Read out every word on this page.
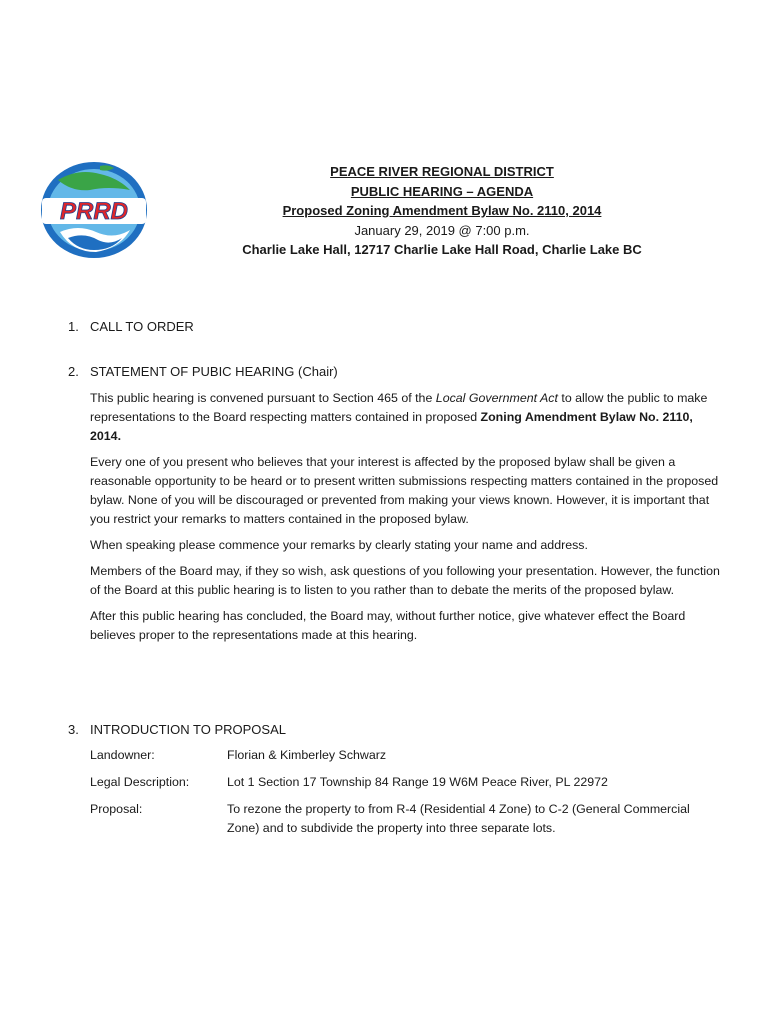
PRRD
PEACE RIVER REGIONAL DISTRICT
PUBLIC HEARING – AGENDA
Proposed Zoning Amendment Bylaw No. 2110, 2014
January 29, 2019 @ 7:00 p.m.
Charlie Lake Hall, 12717 Charlie Lake Hall Road, Charlie Lake BC
1. CALL TO ORDER
2. STATEMENT OF PUBIC HEARING (Chair)

This public hearing is convened pursuant to Section 465 of the Local Government Act to allow the public to make representations to the Board respecting matters contained in proposed Zoning Amendment Bylaw No. 2110, 2014.

Every one of you present who believes that your interest is affected by the proposed bylaw shall be given a reasonable opportunity to be heard or to present written submissions respecting matters contained in the proposed bylaw. None of you will be discouraged or prevented from making your views known. However, it is important that you restrict your remarks to matters contained in the proposed bylaw.

When speaking please commence your remarks by clearly stating your name and address.

Members of the Board may, if they so wish, ask questions of you following your presentation. However, the function of the Board at this public hearing is to listen to you rather than to debate the merits of the proposed bylaw.

After this public hearing has concluded, the Board may, without further notice, give whatever effect the Board believes proper to the representations made at this hearing.

3. INTRODUCTION TO PROPOSAL
Landowner:	Florian & Kimberley Schwarz
Legal Description:	Lot 1 Section 17 Township 84 Range 19 W6M Peace River, PL 22972
Proposal:	To rezone the property to from R-4 (Residential 4 Zone) to C-2 (General Commercial Zone) and to subdivide the property into three separate lots.
